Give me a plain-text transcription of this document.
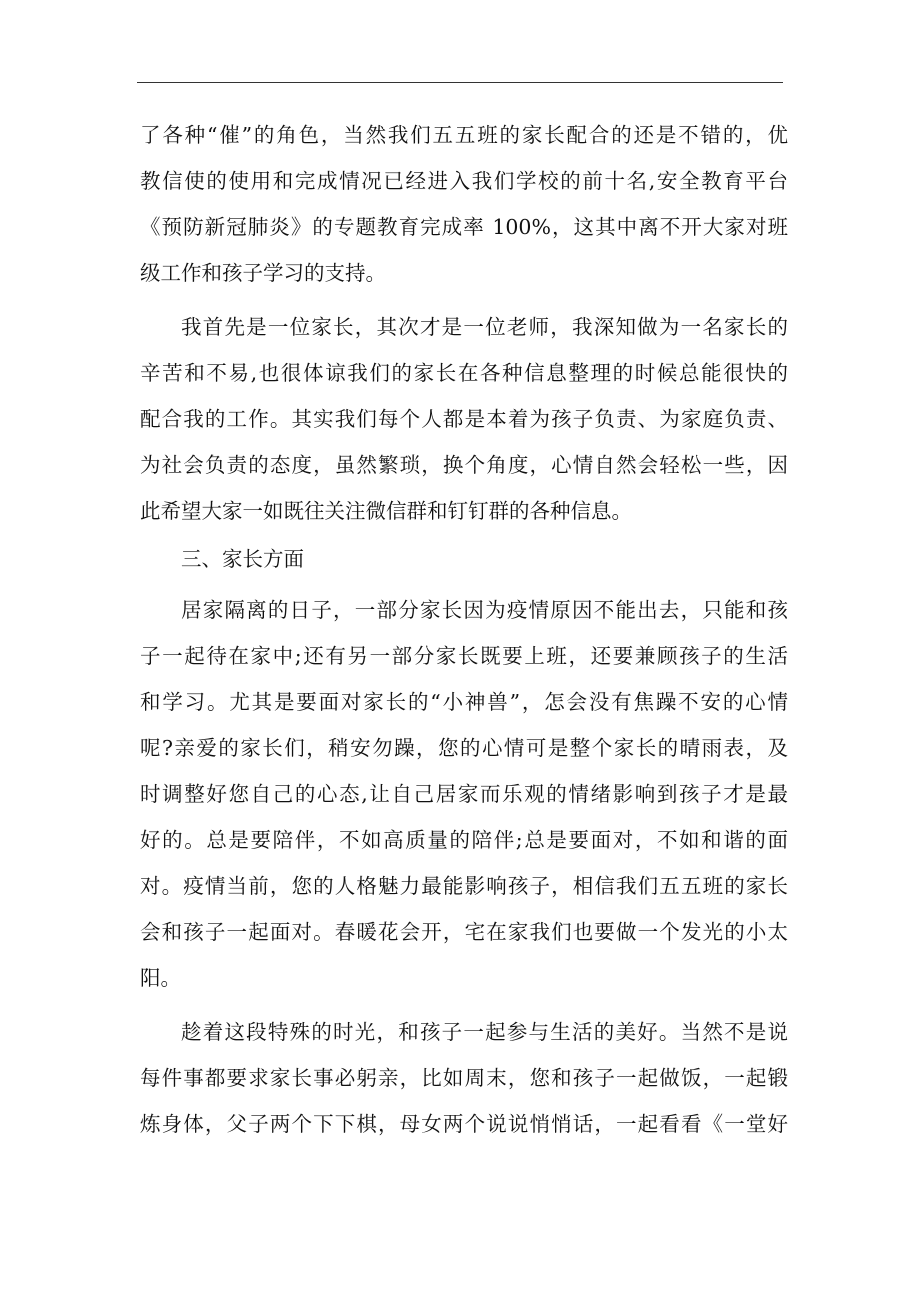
了各种“催”的角色，当然我们五五班的家长配合的还是不错的，优
教信使的使用和完成情况已经进入我们学校的前十名,安全教育平台
《预防新冠肺炎》的专题教育完成率 100%，这其中离不开大家对班
级工作和孩子学习的支持。
我首先是一位家长，其次才是一位老师，我深知做为一名家长的
辛苦和不易,也很体谅我们的家长在各种信息整理的时候总能很快的
配合我的工作。其实我们每个人都是本着为孩子负责、为家庭负责、
为社会负责的态度，虽然繁琐，换个角度，心情自然会轻松一些，因
此希望大家一如既往关注微信群和钉钉群的各种信息。
三、家长方面
居家隔离的日子，一部分家长因为疫情原因不能出去，只能和孩
子一起待在家中;还有另一部分家长既要上班，还要兼顾孩子的生活
和学习。尤其是要面对家长的“小神兽”，怎会没有焦躁不安的心情
呢?亲爱的家长们，稍安勿躁，您的心情可是整个家长的晴雨表，及
时调整好您自己的心态,让自己居家而乐观的情绪影响到孩子才是最
好的。总是要陪伴，不如高质量的陪伴;总是要面对，不如和谐的面
对。疫情当前，您的人格魅力最能影响孩子，相信我们五五班的家长
会和孩子一起面对。春暖花会开，宅在家我们也要做一个发光的小太
阳。
趁着这段特殊的时光，和孩子一起参与生活的美好。当然不是说
每件事都要求家长事必躬亲，比如周末，您和孩子一起做饭，一起锻
炼身体，父子两个下下棋，母女两个说说悄悄话，一起看看《一堂好
